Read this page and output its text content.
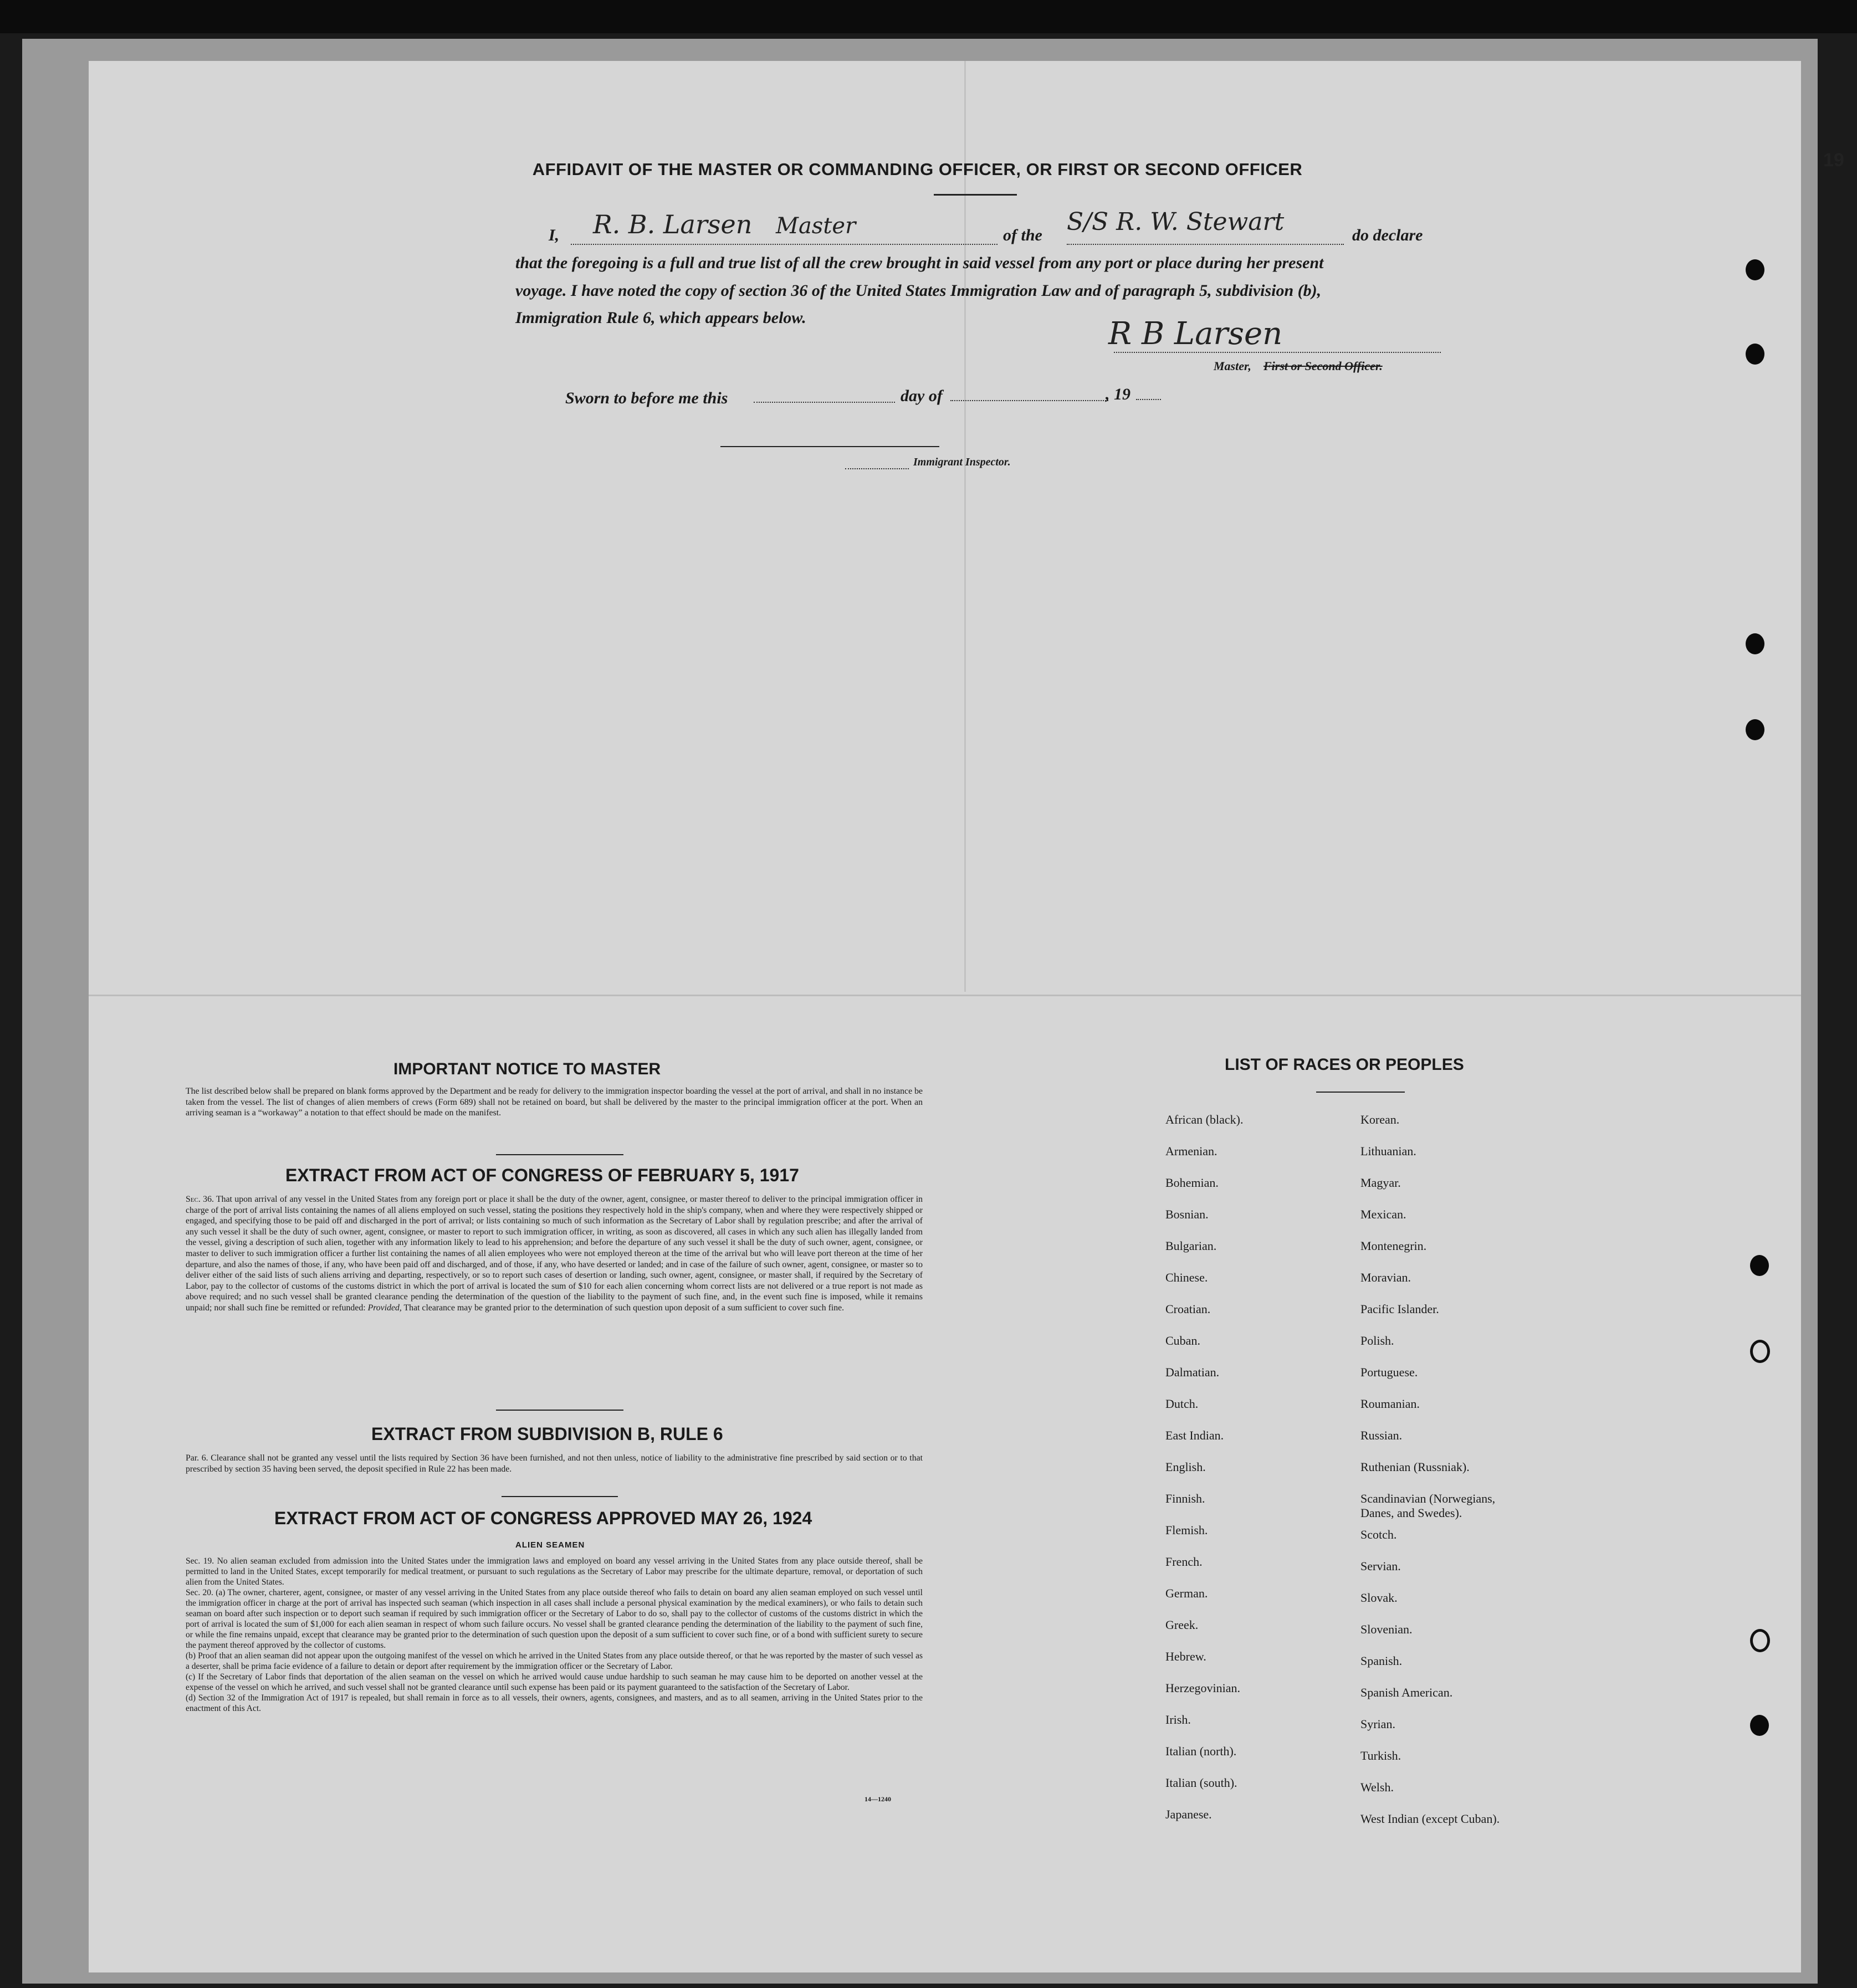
19
AFFIDAVIT OF THE MASTER OR COMMANDING OFFICER, OR FIRST OR SECOND OFFICER
I, R. B. Larsen Master	of the S/S R. W. Stewart	do declare
that the foregoing is a full and true list of all the crew brought in said vessel from any port or place during her present
voyage. I have noted the copy of section 36 of the United States Immigration Law and of paragraph 5, subdivision (b),
Immigration Rule 6, which appears below.	R B Larsen
Master, First or Second Officer.
Sworn to before me this	day of	, 19
Immigrant Inspector.
IMPORTANT NOTICE TO MASTER
The list described below shall be prepared on blank forms approved by the Department and be ready for delivery to the immigration inspector boarding the vessel at the port of arrival, and shall in no instance be taken from the vessel. The list of changes of alien members of crews (Form 689) shall not be retained on board, but shall be delivered by the master to the principal immigration officer at the port. When an arriving seaman is a “workaway” a notation to that effect should be made on the manifest.
EXTRACT FROM ACT OF CONGRESS OF FEBRUARY 5, 1917

Sec. 36. That upon arrival of any vessel in the United States from any foreign port or place it shall be the duty of the owner, agent, consignee, or master thereof to deliver to the principal immigration officer in charge of the port of arrival lists containing the names of all aliens employed on such vessel, stating the positions they respectively hold in the ship's company, when and where they were respectively shipped or engaged, and specifying those to be paid off and discharged in the port of arrival; or lists containing so much of such information as the Secretary of Labor shall by regulation prescribe; and after the arrival of any such vessel it shall be the duty of such owner, agent, consignee, or master to report to such immigration officer, in writing, as soon as discovered, all cases in which any such alien has illegally landed from the vessel, giving a description of such alien, together with any information likely to lead to his apprehension; and before the departure of any such vessel it shall be the duty of such owner, agent, consignee, or master to deliver to such immigration officer a further list containing the names of all alien employees who were not employed thereon at the time of the arrival but who will leave port thereon at the time of her departure, and also the names of those, if any, who have been paid off and discharged, and of those, if any, who have deserted or landed; and in case of the failure of such owner, agent, consignee, or master so to deliver either of the said lists of such aliens arriving and departing, respectively, or so to report such cases of desertion or landing, such owner, agent, consignee, or master shall, if required by the Secretary of Labor, pay to the collector of customs of the customs district in which the port of arrival is located the sum of $10 for each alien concerning whom correct lists are not delivered or a true report is not made as above required; and no such vessel shall be granted clearance pending the determination of the question of the liability to the payment of such fine, and, in the event such fine is imposed, while it remains unpaid; nor shall such fine be remitted or refunded: Provided, That clearance may be granted prior to the determination of such question upon deposit of a sum sufficient to cover such fine.

EXTRACT FROM SUBDIVISION B, RULE 6
Par. 6. Clearance shall not be granted any vessel until the lists required by Section 36 have been furnished, and not then unless, notice of liability to the administrative fine prescribed by said section or to that prescribed by section 35 having been served, the deposit specified in Rule 22 has been made.
EXTRACT FROM ACT OF CONGRESS APPROVED MAY 26, 1924
ALIEN SEAMEN

Sec. 19. No alien seaman excluded from admission into the United States under the immigration laws and employed on board any vessel arriving in the United States from any place outside thereof, shall be permitted to land in the United States, except temporarily for medical treatment, or pursuant to such regulations as the Secretary of Labor may prescribe for the ultimate departure, removal, or deportation of such alien from the United States.

Sec. 20. (a) The owner, charterer, agent, consignee, or master of any vessel arriving in the United States from any place outside thereof who fails to detain on board any alien seaman employed on such vessel until the immigration officer in charge at the port of arrival has inspected such seaman (which inspection in all cases shall include a personal physical examination by the medical examiners), or who fails to detain such seaman on board after such inspection or to deport such seaman if required by such immigration officer or the Secretary of Labor to do so, shall pay to the collector of customs of the customs district in which the port of arrival is located the sum of $1,000 for each alien seaman in respect of whom such failure occurs. No vessel shall be granted clearance pending the determination of the liability to the payment of such fine, or while the fine remains unpaid, except that clearance may be granted prior to the determination of such question upon the deposit of a sum sufficient to cover such fine, or of a bond with sufficient surety to secure the payment thereof approved by the collector of customs.

(b) Proof that an alien seaman did not appear upon the outgoing manifest of the vessel on which he arrived in the United States from any place outside thereof, or that he was reported by the master of such vessel as a deserter, shall be prima facie evidence of a failure to detain or deport after requirement by the immigration officer or the Secretary of Labor.

(c) If the Secretary of Labor finds that deportation of the alien seaman on the vessel on which he arrived would cause undue hardship to such seaman he may cause him to be deported on another vessel at the expense of the vessel on which he arrived, and such vessel shall not be granted clearance until such expense has been paid or its payment guaranteed to the satisfaction of the Secretary of Labor.

(d) Section 32 of the Immigration Act of 1917 is repealed, but shall remain in force as to all vessels, their owners, agents, consignees, and masters, and as to all seamen, arriving in the United States prior to the enactment of this Act.

14—1240
LIST OF RACES OR PEOPLES
African (black).
Armenian.
Bohemian.
Bosnian.
Bulgarian.
Chinese.
Croatian.
Cuban.
Dalmatian.
Dutch.
East Indian.
English.
Finnish.
Flemish.
French.
German.
Greek.
Hebrew.
Herzegovinian.
Irish.
Italian (north).
Italian (south).
Japanese.
Korean.
Lithuanian.
Magyar.
Mexican.
Montenegrin.
Moravian.
Pacific Islander.
Polish.
Portuguese.
Roumanian.
Russian.
Ruthenian (Russniak).
Scandinavian (Norwegians, Danes, and Swedes).
Scotch.
Servian.
Slovak.
Slovenian.
Spanish.
Spanish American.
Syrian.
Turkish.
Welsh.
West Indian (except Cuban).
